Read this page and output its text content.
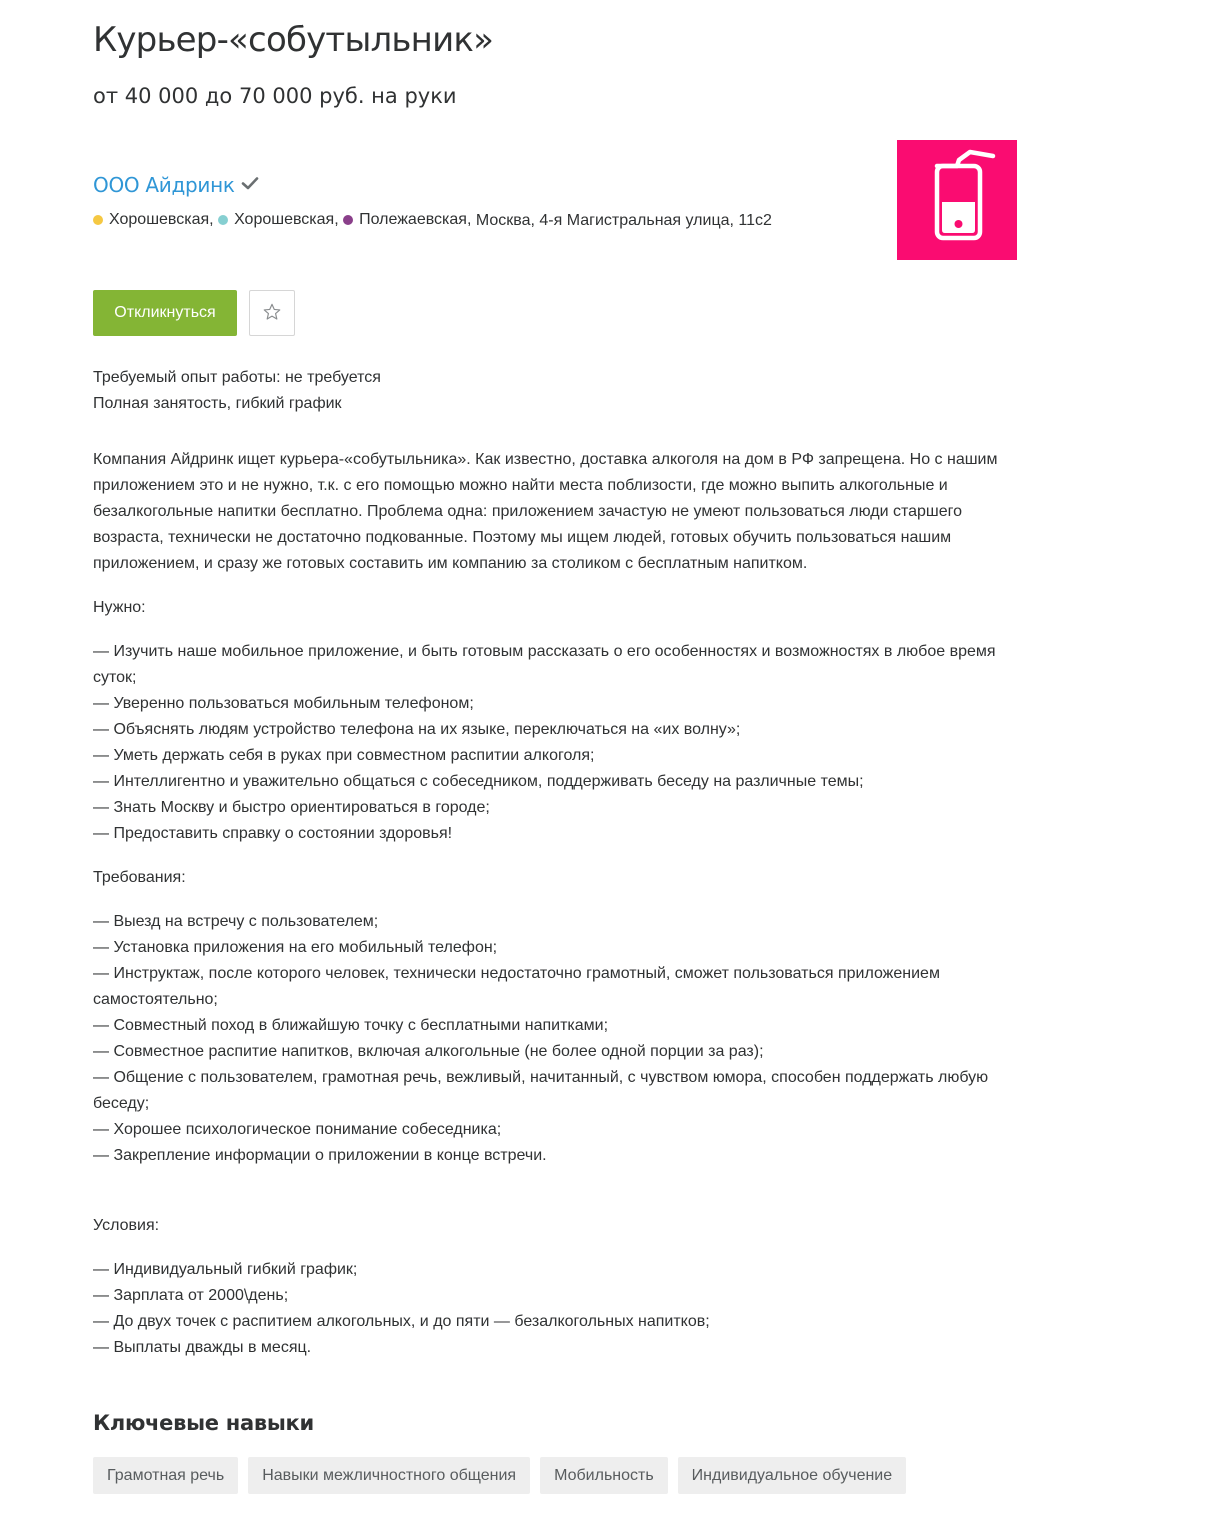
Курьер-«собутыльник»

от 40 000 до 70 000 руб. на руки

ООО Айдринк
Хорошевская,
Хорошевская,
Полежаевская, Москва, 4-я Магистральная улица, 11с2
Откликнуться
Требуемый опыт работы: не требуется
Полная занятость, гибкий график

Компания Айдринк ищет курьера-«собутыльника». Как известно, доставка алкоголя на дом в РФ запрещена. Но с нашим приложением это и не нужно, т.к. с его помощью можно найти места поблизости, где можно выпить алкогольные и безалкогольные напитки бесплатно. Проблема одна: приложением зачастую не умеют пользоваться люди старшего возраста, технически не достаточно подкованные. Поэтому мы ищем людей, готовых обучить пользоваться нашим приложением, и сразу же готовых составить им компанию за столиком с бесплатным напитком.

Нужно:
— Изучить наше мобильное приложение, и быть готовым рассказать о его особенностях и возможностях в любое время суток;
— Уверенно пользоваться мобильным телефоном;
— Объяснять людям устройство телефона на их языке, переключаться на «их волну»;
— Уметь держать себя в руках при совместном распитии алкоголя;
— Интеллигентно и уважительно общаться с собеседником, поддерживать беседу на различные темы;
— Знать Москву и быстро ориентироваться в городе;
— Предоставить справку о состоянии здоровья!
Требования:
— Выезд на встречу с пользователем;
— Установка приложения на его мобильный телефон;
— Инструктаж, после которого человек, технически недостаточно грамотный, сможет пользоваться приложением самостоятельно;
— Совместный поход в ближайшую точку с бесплатными напитками;
— Совместное распитие напитков, включая алкогольные (не более одной порции за раз);
— Общение с пользователем, грамотная речь, вежливый, начитанный, с чувством юмора, способен поддержать любую беседу;
— Хорошее психологическое понимание собеседника;
— Закрепление информации о приложении в конце встречи.
Условия:
— Индивидуальный гибкий график;
— Зарплата от 2000\день;
— До двух точек с распитием алкогольных, и до пяти — безалкогольных напитков;
— Выплаты дважды в месяц.
Ключевые навыки
Грамотная речь	Навыки межличностного общения	Мобильность	Индивидуальное обучение
